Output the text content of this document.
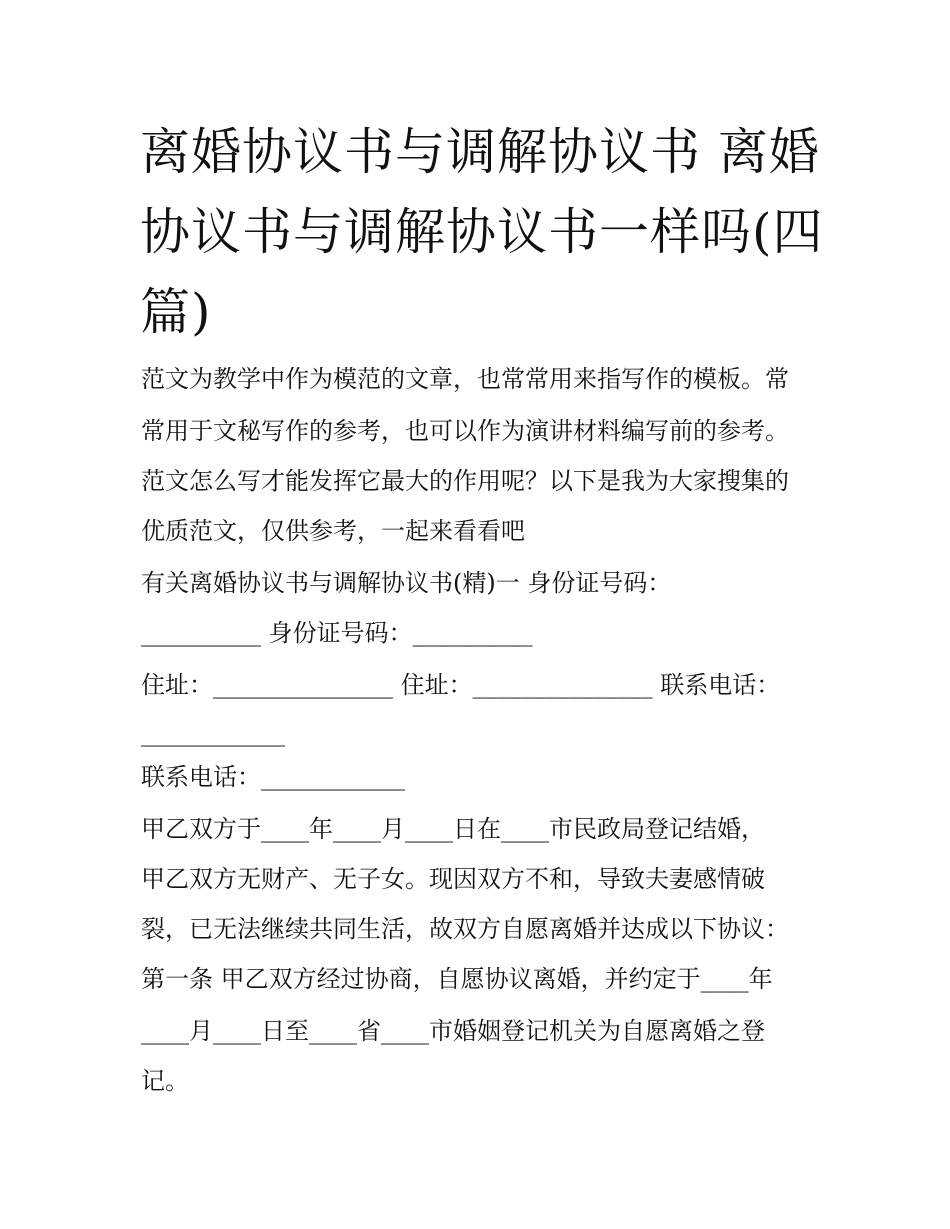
离婚协议书与调解协议书 离婚
协议书与调解协议书一样吗(四
篇)
范文为教学中作为模范的文章，也常常用来指写作的模板。常
常用于文秘写作的参考，也可以作为演讲材料编写前的参考。
范文怎么写才能发挥它最大的作用呢？以下是我为大家搜集的
优质范文，仅供参考，一起来看看吧
有关离婚协议书与调解协议书(精)一 身份证号码：
__________ 身份证号码：__________
住址：_______________ 住址：_______________ 联系电话：
____________
联系电话：____________
甲乙双方于____年____月____日在____市民政局登记结婚，
甲乙双方无财产、无子女。现因双方不和，导致夫妻感情破
裂，已无法继续共同生活，故双方自愿离婚并达成以下协议：
第一条 甲乙双方经过协商，自愿协议离婚，并约定于____年
____月____日至____省____市婚姻登记机关为自愿离婚之登
记。
